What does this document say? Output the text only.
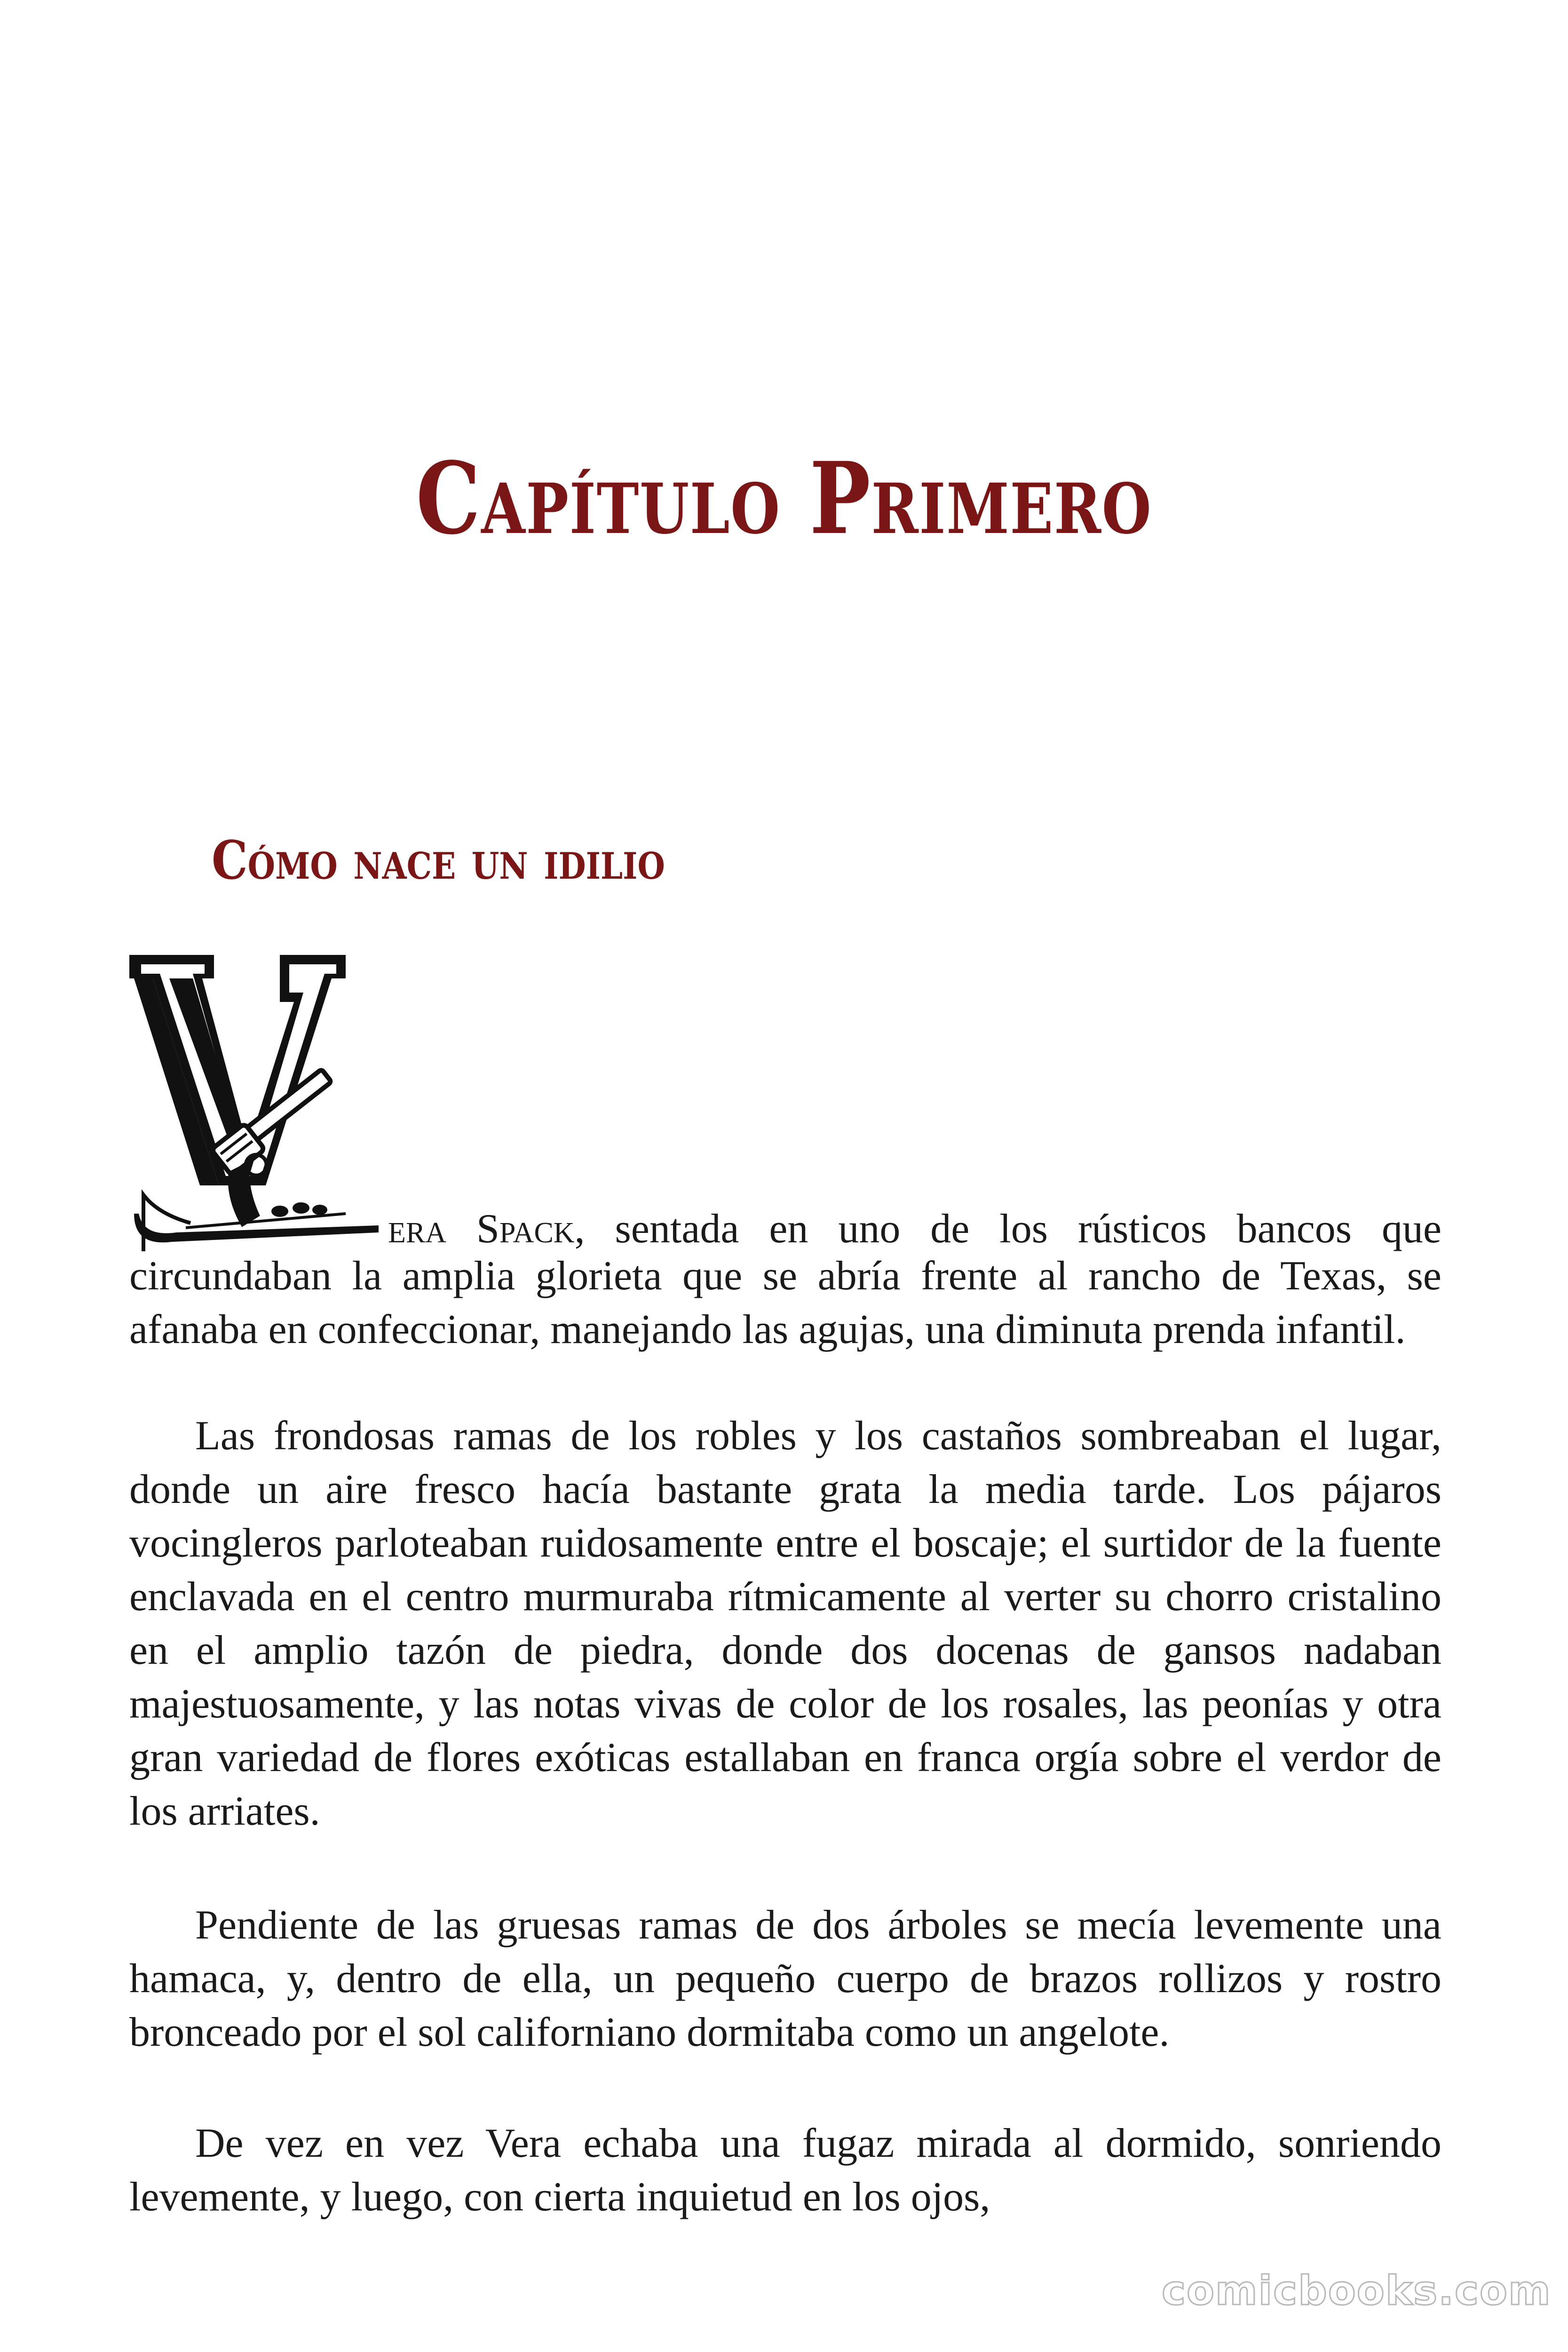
Capítulo Primero
Cómo nace un idilio
era Spack, sentada en uno de los rústicos bancos que

circundaban la amplia glorieta que se abría frente al rancho de Texas, se afanaba en confeccionar, manejando las agujas, una diminuta prenda infantil.

Las frondosas ramas de los robles y los castaños sombreaban el lugar, donde un aire fresco hacía bastante grata la media tarde. Los pájaros vocingleros parloteaban ruidosamente entre el boscaje; el surtidor de la fuente enclavada en el centro murmuraba rítmicamente al verter su chorro cristalino en el amplio tazón de piedra, donde dos docenas de gansos nadaban majestuosamente, y las notas vivas de color de los rosales, las peonías y otra gran variedad de flores exóticas estallaban en franca orgía sobre el verdor de los arriates.

Pendiente de las gruesas ramas de dos árboles se mecía levemente una hamaca, y, dentro de ella, un pequeño cuerpo de brazos rollizos y rostro bronceado por el sol californiano dormitaba como un angelote.

De vez en vez Vera echaba una fugaz mirada al dormido, sonriendo levemente, y luego, con cierta inquietud en los ojos,

comicbooks.com
